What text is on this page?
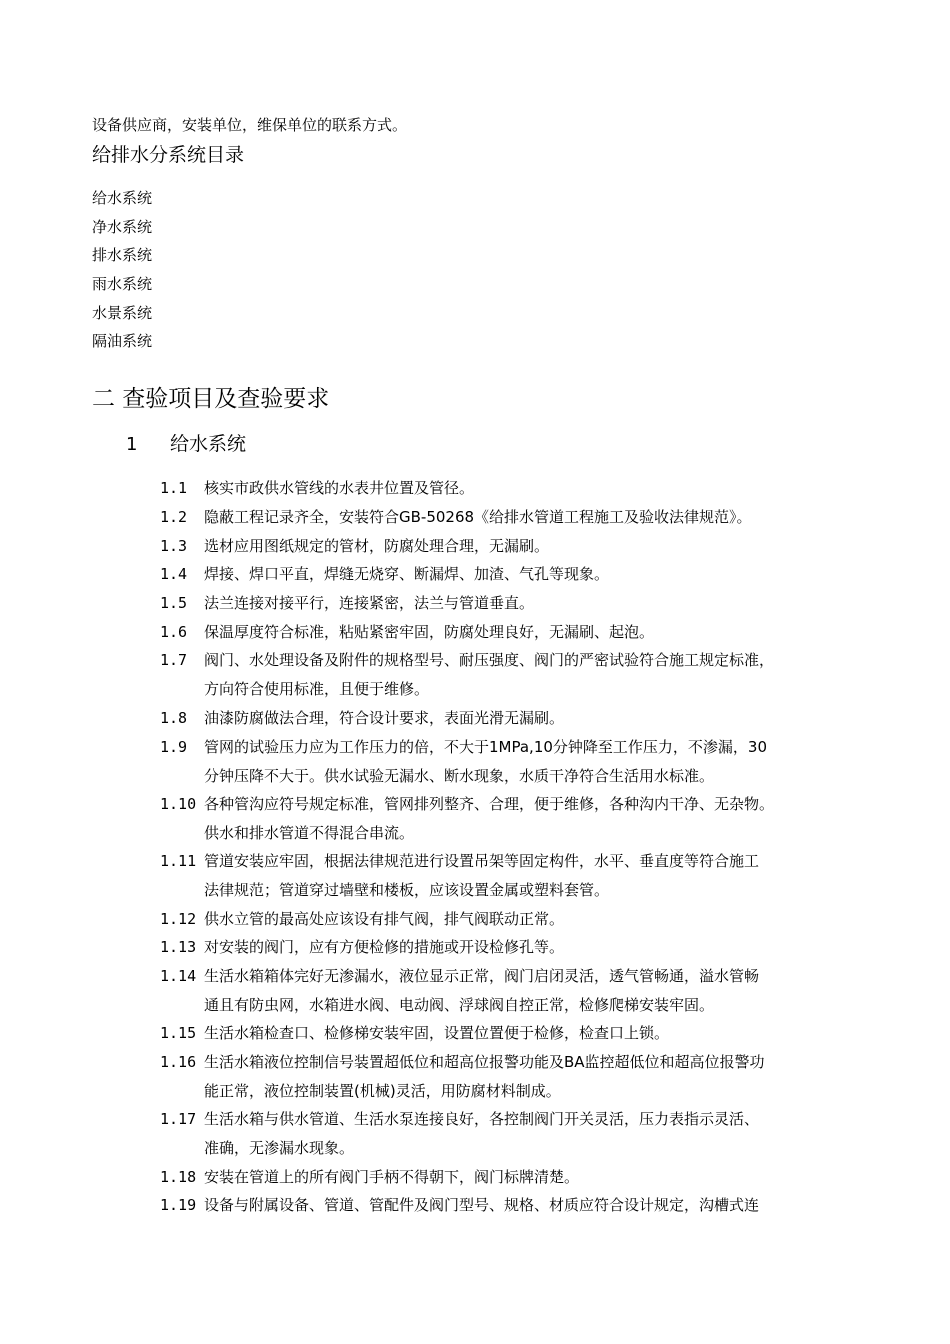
设备供应商，安装单位，维保单位的联系方式。
给排水分系统目录
给水系统
净水系统
排水系统
雨水系统
水景系统
隔油系统
二 查验项目及查验要求
1 给水系统
1.1 核实市政供水管线的水表井位置及管径。
1.2 隐蔽工程记录齐全，安装符合GB-50268《给排水管道工程施工及验收法律规范》。
1.3 选材应用图纸规定的管材，防腐处理合理，无漏刷。
1.4 焊接、焊口平直，焊缝无烧穿、断漏焊、加渣、气孔等现象。
1.5 法兰连接对接平行，连接紧密，法兰与管道垂直。
1.6 保温厚度符合标准，粘贴紧密牢固，防腐处理良好，无漏刷、起泡。
1.7 阀门、水处理设备及附件的规格型号、耐压强度、阀门的严密试验符合施工规定标准，
方向符合使用标准，且便于维修。
1.8 油漆防腐做法合理，符合设计要求，表面光滑无漏刷。
1.9 管网的试验压力应为工作压力的倍，不大于1MPa,10分钟降至工作压力，不渗漏，30
分钟压降不大于。供水试验无漏水、断水现象，水质干净符合生活用水标准。
1.10 各种管沟应符号规定标准，管网排列整齐、合理，便于维修，各种沟内干净、无杂物。
供水和排水管道不得混合串流。
1.11 管道安装应牢固，根据法律规范进行设置吊架等固定构件，水平、垂直度等符合施工
法律规范；管道穿过墙壁和楼板，应该设置金属或塑料套管。
1.12 供水立管的最高处应该设有排气阀，排气阀联动正常。
1.13 对安装的阀门，应有方便检修的措施或开设检修孔等。
1.14 生活水箱箱体完好无渗漏水，液位显示正常，阀门启闭灵活，透气管畅通，溢水管畅
通且有防虫网，水箱进水阀、电动阀、浮球阀自控正常，检修爬梯安装牢固。
1.15 生活水箱检查口、检修梯安装牢固，设置位置便于检修，检查口上锁。
1.16 生活水箱液位控制信号装置超低位和超高位报警功能及BA监控超低位和超高位报警功
能正常，液位控制装置(机械)灵活，用防腐材料制成。
1.17 生活水箱与供水管道、生活水泵连接良好，各控制阀门开关灵活，压力表指示灵活、
准确，无渗漏水现象。
1.18 安装在管道上的所有阀门手柄不得朝下，阀门标牌清楚。
1.19 设备与附属设备、管道、管配件及阀门型号、规格、材质应符合设计规定，沟槽式连
